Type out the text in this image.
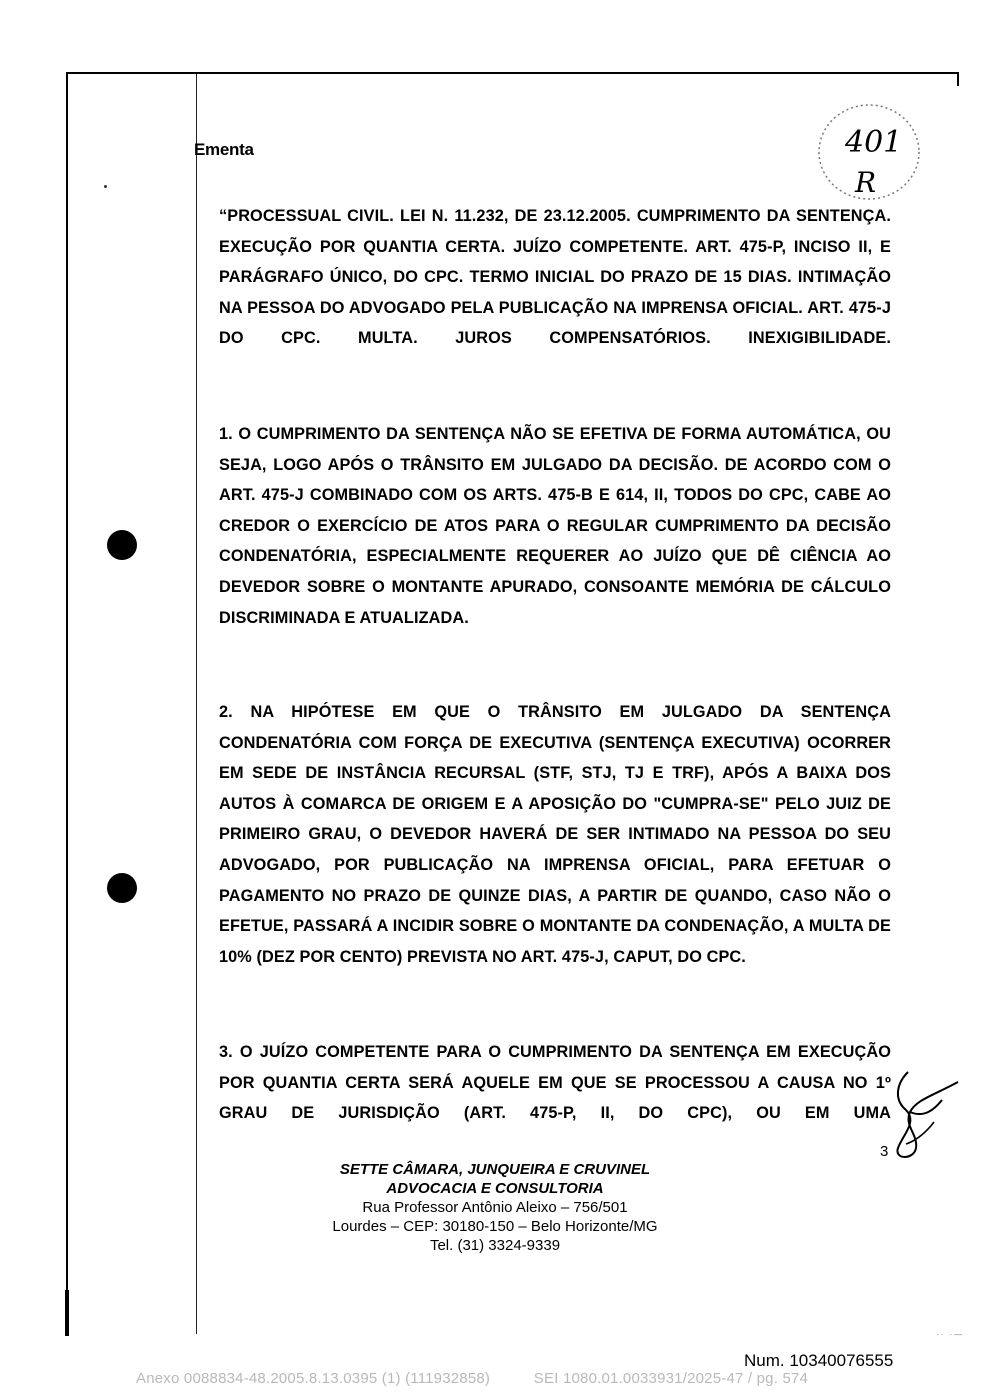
Ementa	401
R
“PROCESSUAL CIVIL. LEI N. 11.232, DE 23.12.2005. CUMPRIMENTO DA SENTENÇA. EXECUÇÃO POR QUANTIA CERTA. JUÍZO COMPETENTE. ART. 475-P, INCISO II, E PARÁGRAFO ÚNICO, DO CPC. TERMO INICIAL DO PRAZO DE 15 DIAS. INTIMAÇÃO NA PESSOA DO ADVOGADO PELA PUBLICAÇÃO NA IMPRENSA OFICIAL. ART. 475-J DO CPC. MULTA. JUROS COMPENSATÓRIOS. INEXIGIBILIDADE.
1. O CUMPRIMENTO DA SENTENÇA NÃO SE EFETIVA DE FORMA AUTOMÁTICA, OU SEJA, LOGO APÓS O TRÂNSITO EM JULGADO DA DECISÃO. DE ACORDO COM O ART. 475-J COMBINADO COM OS ARTS. 475-B E 614, II, TODOS DO CPC, CABE AO CREDOR O EXERCÍCIO DE ATOS PARA O REGULAR CUMPRIMENTO DA DECISÃO CONDENATÓRIA, ESPECIALMENTE REQUERER AO JUÍZO QUE DÊ CIÊNCIA AO DEVEDOR SOBRE O MONTANTE APURADO, CONSOANTE MEMÓRIA DE CÁLCULO DISCRIMINADA E ATUALIZADA.
2. NA HIPÓTESE EM QUE O TRÂNSITO EM JULGADO DA SENTENÇA CONDENATÓRIA COM FORÇA DE EXECUTIVA (SENTENÇA EXECUTIVA) OCORRER EM SEDE DE INSTÂNCIA RECURSAL (STF, STJ, TJ E TRF), APÓS A BAIXA DOS AUTOS À COMARCA DE ORIGEM E A APOSIÇÃO DO "CUMPRA-SE" PELO JUIZ DE PRIMEIRO GRAU, O DEVEDOR HAVERÁ DE SER INTIMADO NA PESSOA DO SEU ADVOGADO, POR PUBLICAÇÃO NA IMPRENSA OFICIAL, PARA EFETUAR O PAGAMENTO NO PRAZO DE QUINZE DIAS, A PARTIR DE QUANDO, CASO NÃO O EFETUE, PASSARÁ A INCIDIR SOBRE O MONTANTE DA CONDENAÇÃO, A MULTA DE 10% (DEZ POR CENTO) PREVISTA NO ART. 475-J, CAPUT, DO CPC.
3. O JUÍZO COMPETENTE PARA O CUMPRIMENTO DA SENTENÇA EM EXECUÇÃO POR QUANTIA CERTA SERÁ AQUELE EM QUE SE PROCESSOU A CAUSA NO 1º GRAU DE JURISDIÇÃO (ART. 475-P, II, DO CPC), OU EM UMA
3
SETTE CÂMARA, JUNQUEIRA E CRUVINEL
ADVOCACIA E CONSULTORIA
Rua Professor Antônio Aleixo – 756/501
Lourdes – CEP: 30180-150 – Belo Horizonte/MG
Tel. (31) 3324-9339
·· ·—
Num. 10340076555
Anexo 0088834-48.2005.8.13.0395 (1) (111932858)          SEI 1080.01.0033931/2025-47 / pg. 574
